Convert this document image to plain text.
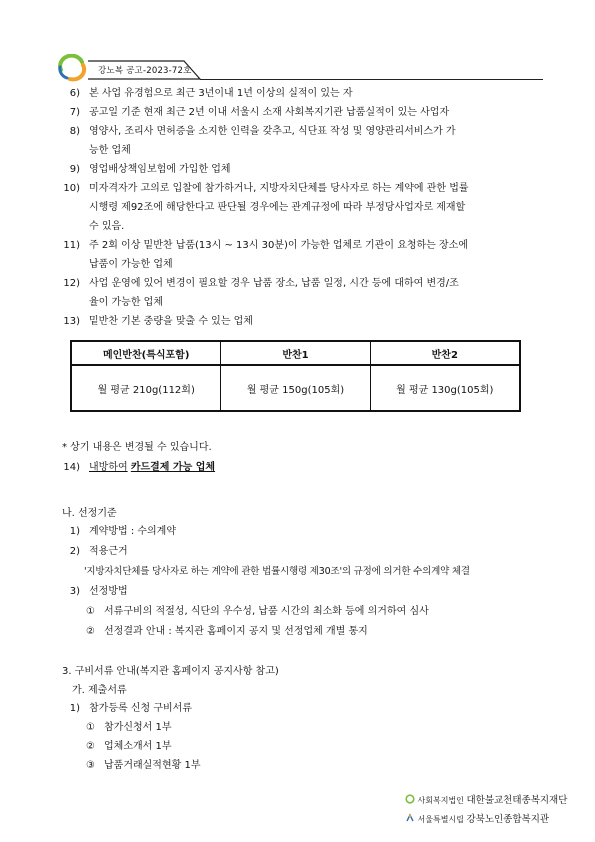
강노복 공고-2023-72호
6) 본 사업 유경험으로 최근 3년이내 1년 이상의 실적이 있는 자
7) 공고일 기준 현재 최근 2년 이내 서울시 소재 사회복지기관 납품실적이 있는 사업자
8) 영양사, 조리사 면허증을 소지한 인력을 갖추고, 식단표 작성 및 영양관리서비스가 가
능한 업체
9) 영업배상책임보험에 가입한 업체
10) 미자격자가 고의로 입찰에 참가하거나, 지방자치단체를 당사자로 하는 계약에 관한 법률
시행령 제92조에 해당한다고 판단될 경우에는 관계규정에 따라 부정당사업자로 제재할
수 있음.
11) 주 2회 이상 밑반찬 납품(13시 ~ 13시 30분)이 가능한 업체로 기관이 요청하는 장소에
납품이 가능한 업체
12) 사업 운영에 있어 변경이 필요할 경우 납품 장소, 납품 일정, 시간 등에 대하여 변경/조
율이 가능한 업체
13) 밑반찬 기본 중량을 맞출 수 있는 업체
메인반찬(특식포함)	반찬1	반찬2
월 평균 210g(112회)	월 평균 150g(105회)	월 평균 130g(105회)
* 상기 내용은 변경될 수 있습니다.
14) 내방하여 카드결제 가능 업체
나. 선정기준
1) 계약방법 : 수의계약
2) 적용근거
'지방자치단체를 당사자로 하는 계약에 관한 법률시행령 제30조'의 규정에 의거한 수의계약 체결
3) 선정방법
① 서류구비의 적절성, 식단의 우수성, 납품 시간의 최소화 등에 의거하여 심사
② 선정결과 안내 : 복지관 홈페이지 공지 및 선정업체 개별 통지
3. 구비서류 안내(복지관 홈페이지 공지사항 참고)
가. 제출서류
1) 참가등록 신청 구비서류
① 참가신청서 1부
② 업체소개서 1부
③ 납품거래실적현황 1부
사회복지법인 대한불교천태종복지재단
서울특별시립 강북노인종합복지관
